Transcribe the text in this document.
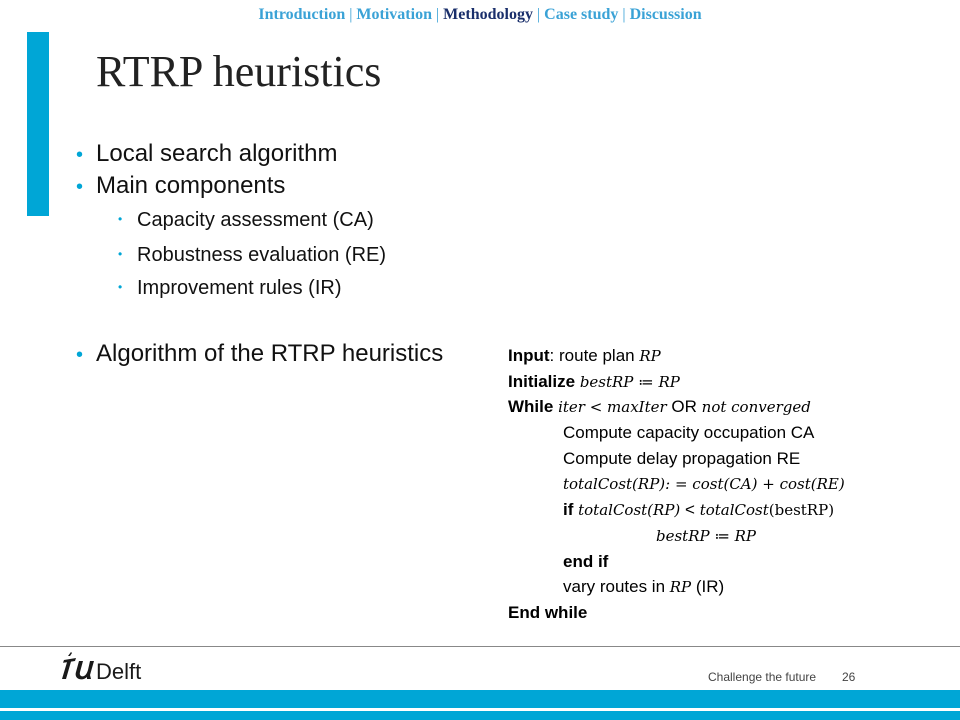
Introduction | Motivation | Methodology | Case study | Discussion
RTRP heuristics
• Local search algorithm
• Main components
• Capacity assessment (CA)
• Robustness evaluation (RE)
• Improvement rules (IR)
• Algorithm of the RTRP heuristics	Input: route plan RP
Initialize bestRP ≔ RP
While iter < maxIter OR not converged
Compute capacity occupation CA
Compute delay propagation RE
totalCost(RP): = cost(CA) + cost(RE)
if totalCost(RP) < totalCost(bestRP)
bestRP ≔ RP
end if
vary routes in RP (IR)
End while
Delft	Challenge the future 26
